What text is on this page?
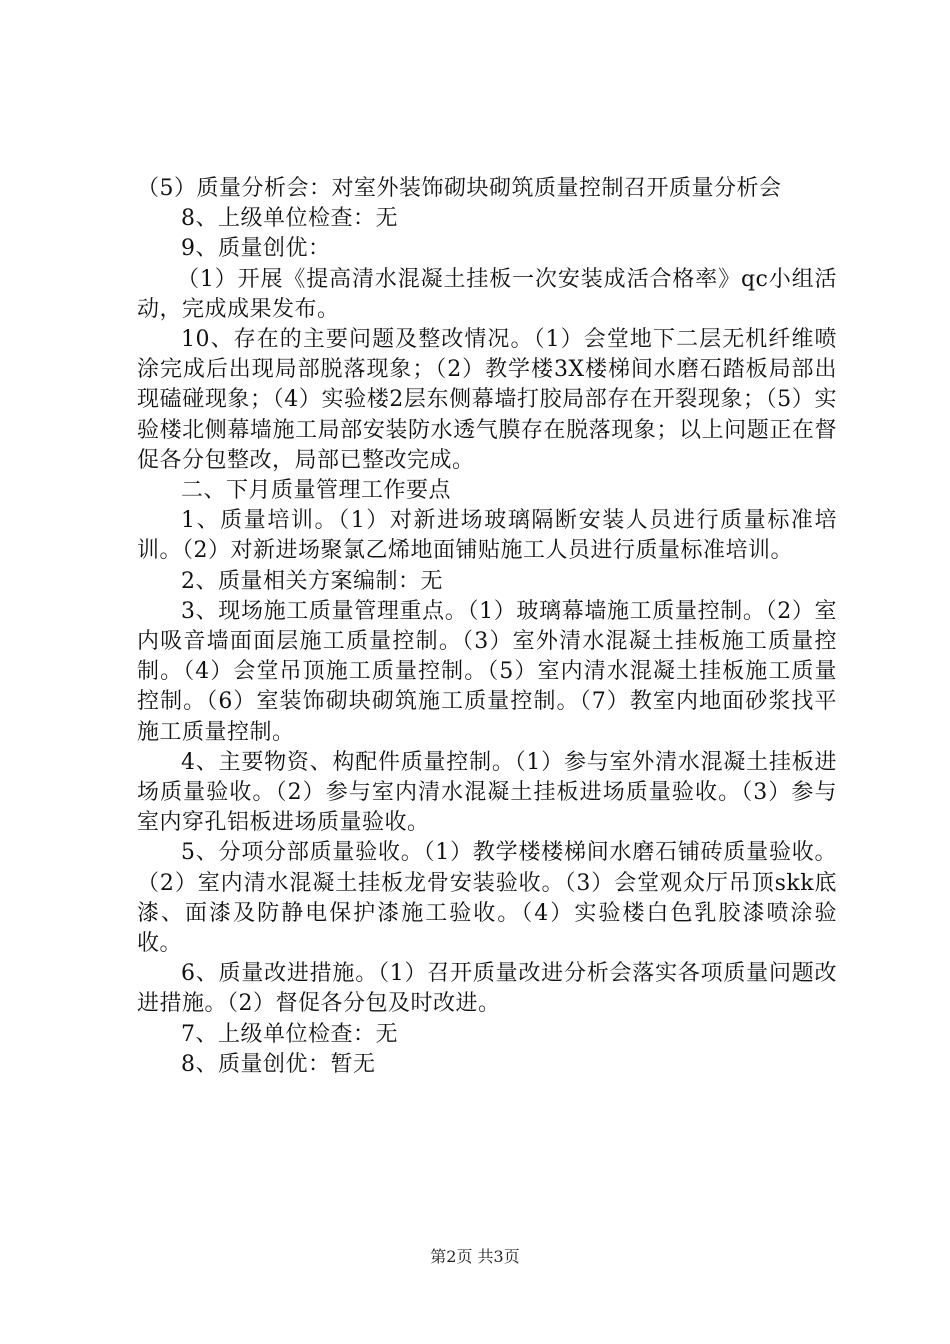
（5）质量分析会：对室外装饰砌块砌筑质量控制召开质量分析会

8、上级单位检查：无

9、质量创优：

（1）开展《提高清水混凝土挂板一次安装成活合格率》qc小组活动，完成成果发布。

10、存在的主要问题及整改情况。（1）会堂地下二层无机纤维喷涂完成后出现局部脱落现象；（2）教学楼3X楼梯间水磨石踏板局部出现磕碰现象；（4）实验楼2层东侧幕墙打胶局部存在开裂现象；（5）实验楼北侧幕墙施工局部安装防水透气膜存在脱落现象；以上问题正在督促各分包整改，局部已整改完成。

二、下月质量管理工作要点

1、质量培训。（1）对新进场玻璃隔断安装人员进行质量标准培训。（2）对新进场聚氯乙烯地面铺贴施工人员进行质量标准培训。

2、质量相关方案编制：无

3、现场施工质量管理重点。（1）玻璃幕墙施工质量控制。（2）室内吸音墙面面层施工质量控制。（3）室外清水混凝土挂板施工质量控制。（4）会堂吊顶施工质量控制。（5）室内清水混凝土挂板施工质量控制。（6）室装饰砌块砌筑施工质量控制。（7）教室内地面砂浆找平施工质量控制。

4、主要物资、构配件质量控制。（1）参与室外清水混凝土挂板进场质量验收。（2）参与室内清水混凝土挂板进场质量验收。（3）参与室内穿孔铝板进场质量验收。

5、分项分部质量验收。（1）教学楼楼梯间水磨石铺砖质量验收。（2）室内清水混凝土挂板龙骨安装验收。（3）会堂观众厅吊顶skk底漆、面漆及防静电保护漆施工验收。（4）实验楼白色乳胶漆喷涂验收。

6、质量改进措施。（1）召开质量改进分析会落实各项质量问题改进措施。（2）督促各分包及时改进。

7、上级单位检查：无

8、质量创优：暂无

第2页 共3页
